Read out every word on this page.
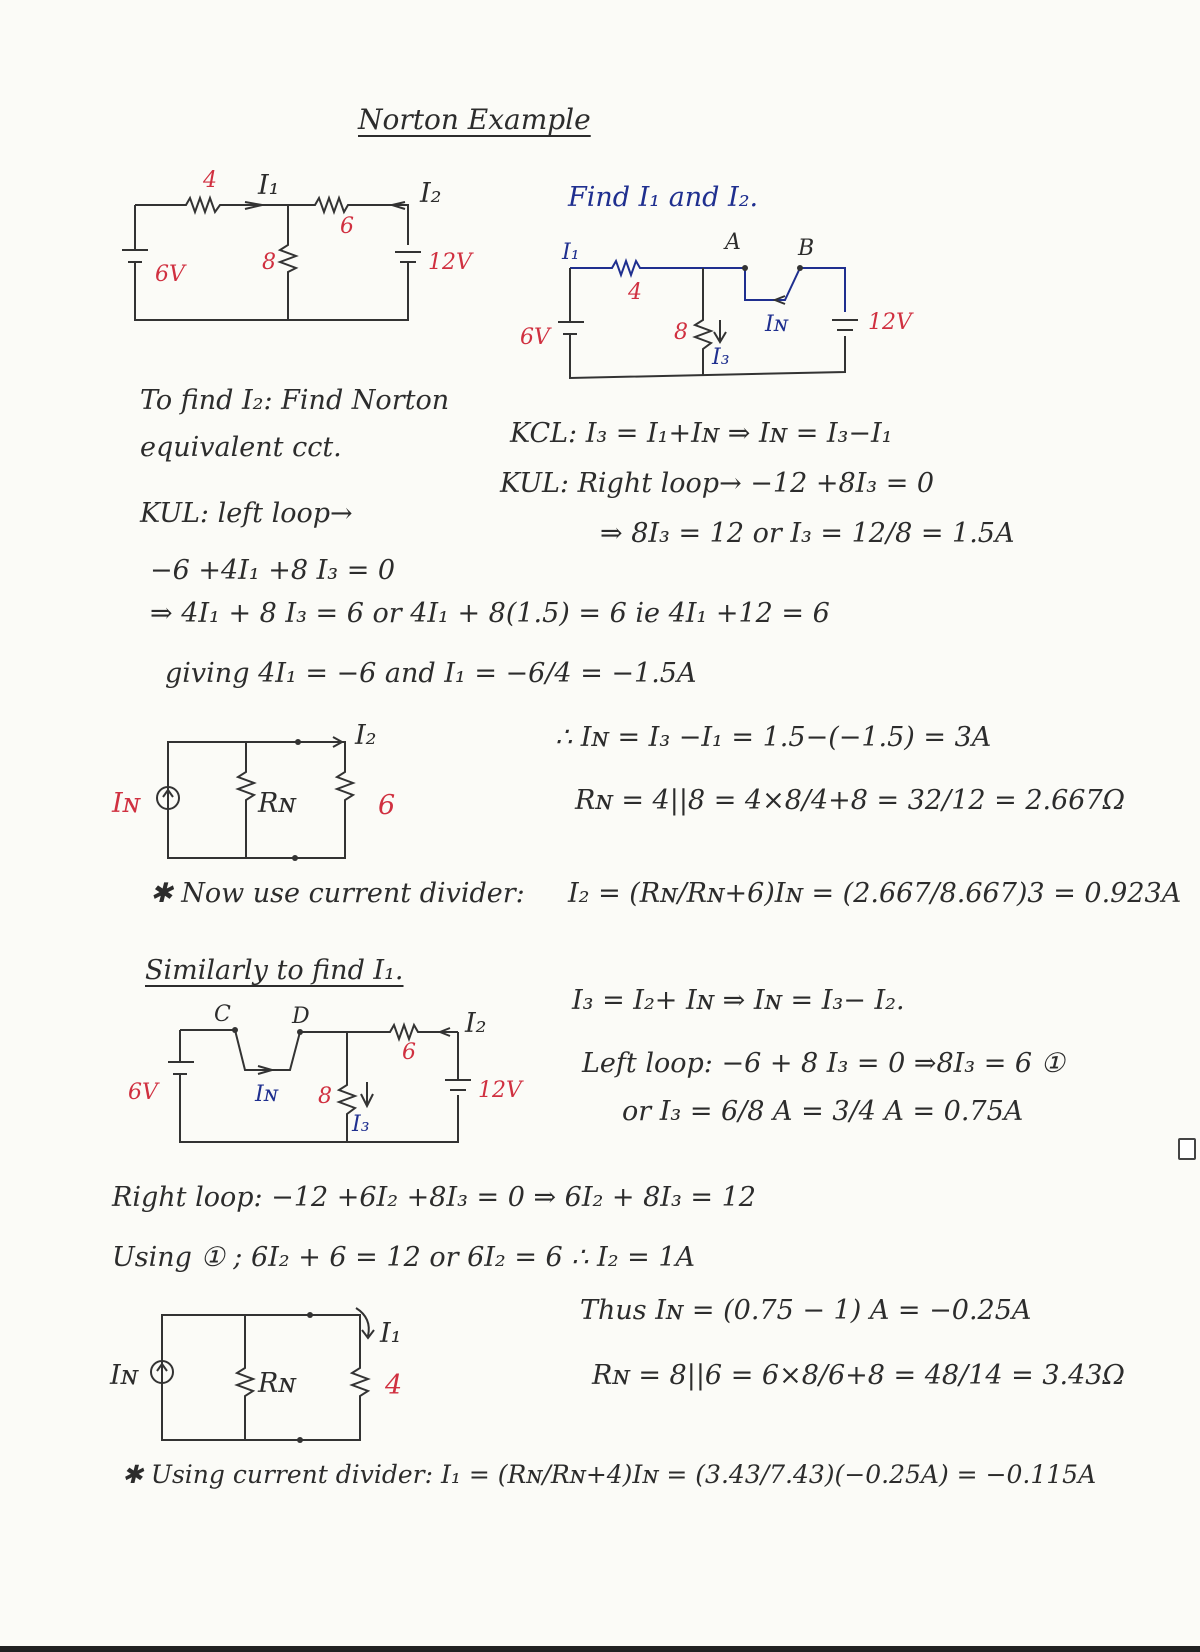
Norton Example
4 I₁
6
I₂
6V	8	12V
Find I₁ and I₂.
A	B
I₁
4
6V	8	Iɴ
I₃
12V
To find I₂: Find Norton
equivalent cct.	KCL: I₃ = I₁+Iɴ ⇒ Iɴ = I₃−I₁
KUL: Right loop→ −12 +8I₃ = 0
KUL: left loop→
⇒ 8I₃ = 12 or I₃ = 12/8 = 1.5A
−6 +4I₁ +8 I₃ = 0
⇒ 4I₁ + 8 I₃ = 6 or 4I₁ + 8(1.5) = 6 ie 4I₁ +12 = 6
giving 4I₁ = −6 and I₁ = −6/4 = −1.5A
I₂
Iɴ	Rɴ	6
∴ Iɴ = I₃ −I₁ = 1.5−(−1.5) = 3A
Rɴ = 4||8 = 4×8/4+8 = 32/12 = 2.667Ω
✱ Now use current divider: I₂ = (Rɴ/Rɴ+6)Iɴ = (2.667/8.667)3 = 0.923A
Similarly to find I₁.
I₃ = I₂+ Iɴ ⇒ Iɴ = I₃− I₂.
Left loop: −6 + 8 I₃ = 0 ⇒8I₃ = 6 ①
or I₃ = 6/8 A = 3/4 A = 0.75A
C	D	I₂
6
6V	Iɴ 8
I₃
12V
Right loop: −12 +6I₂ +8I₃ = 0 ⇒ 6I₂ + 8I₃ = 12
Using ① ; 6I₂ + 6 = 12 or 6I₂ = 6 ∴ I₂ = 1A
Thus Iɴ = (0.75 − 1) A = −0.25A
Rɴ = 8||6 = 6×8/6+8 = 48/14 = 3.43Ω
I₁
Iɴ	Rɴ	4
✱ Using current divider: I₁ = (Rɴ/Rɴ+4)Iɴ = (3.43/7.43)(−0.25A) = −0.115A
